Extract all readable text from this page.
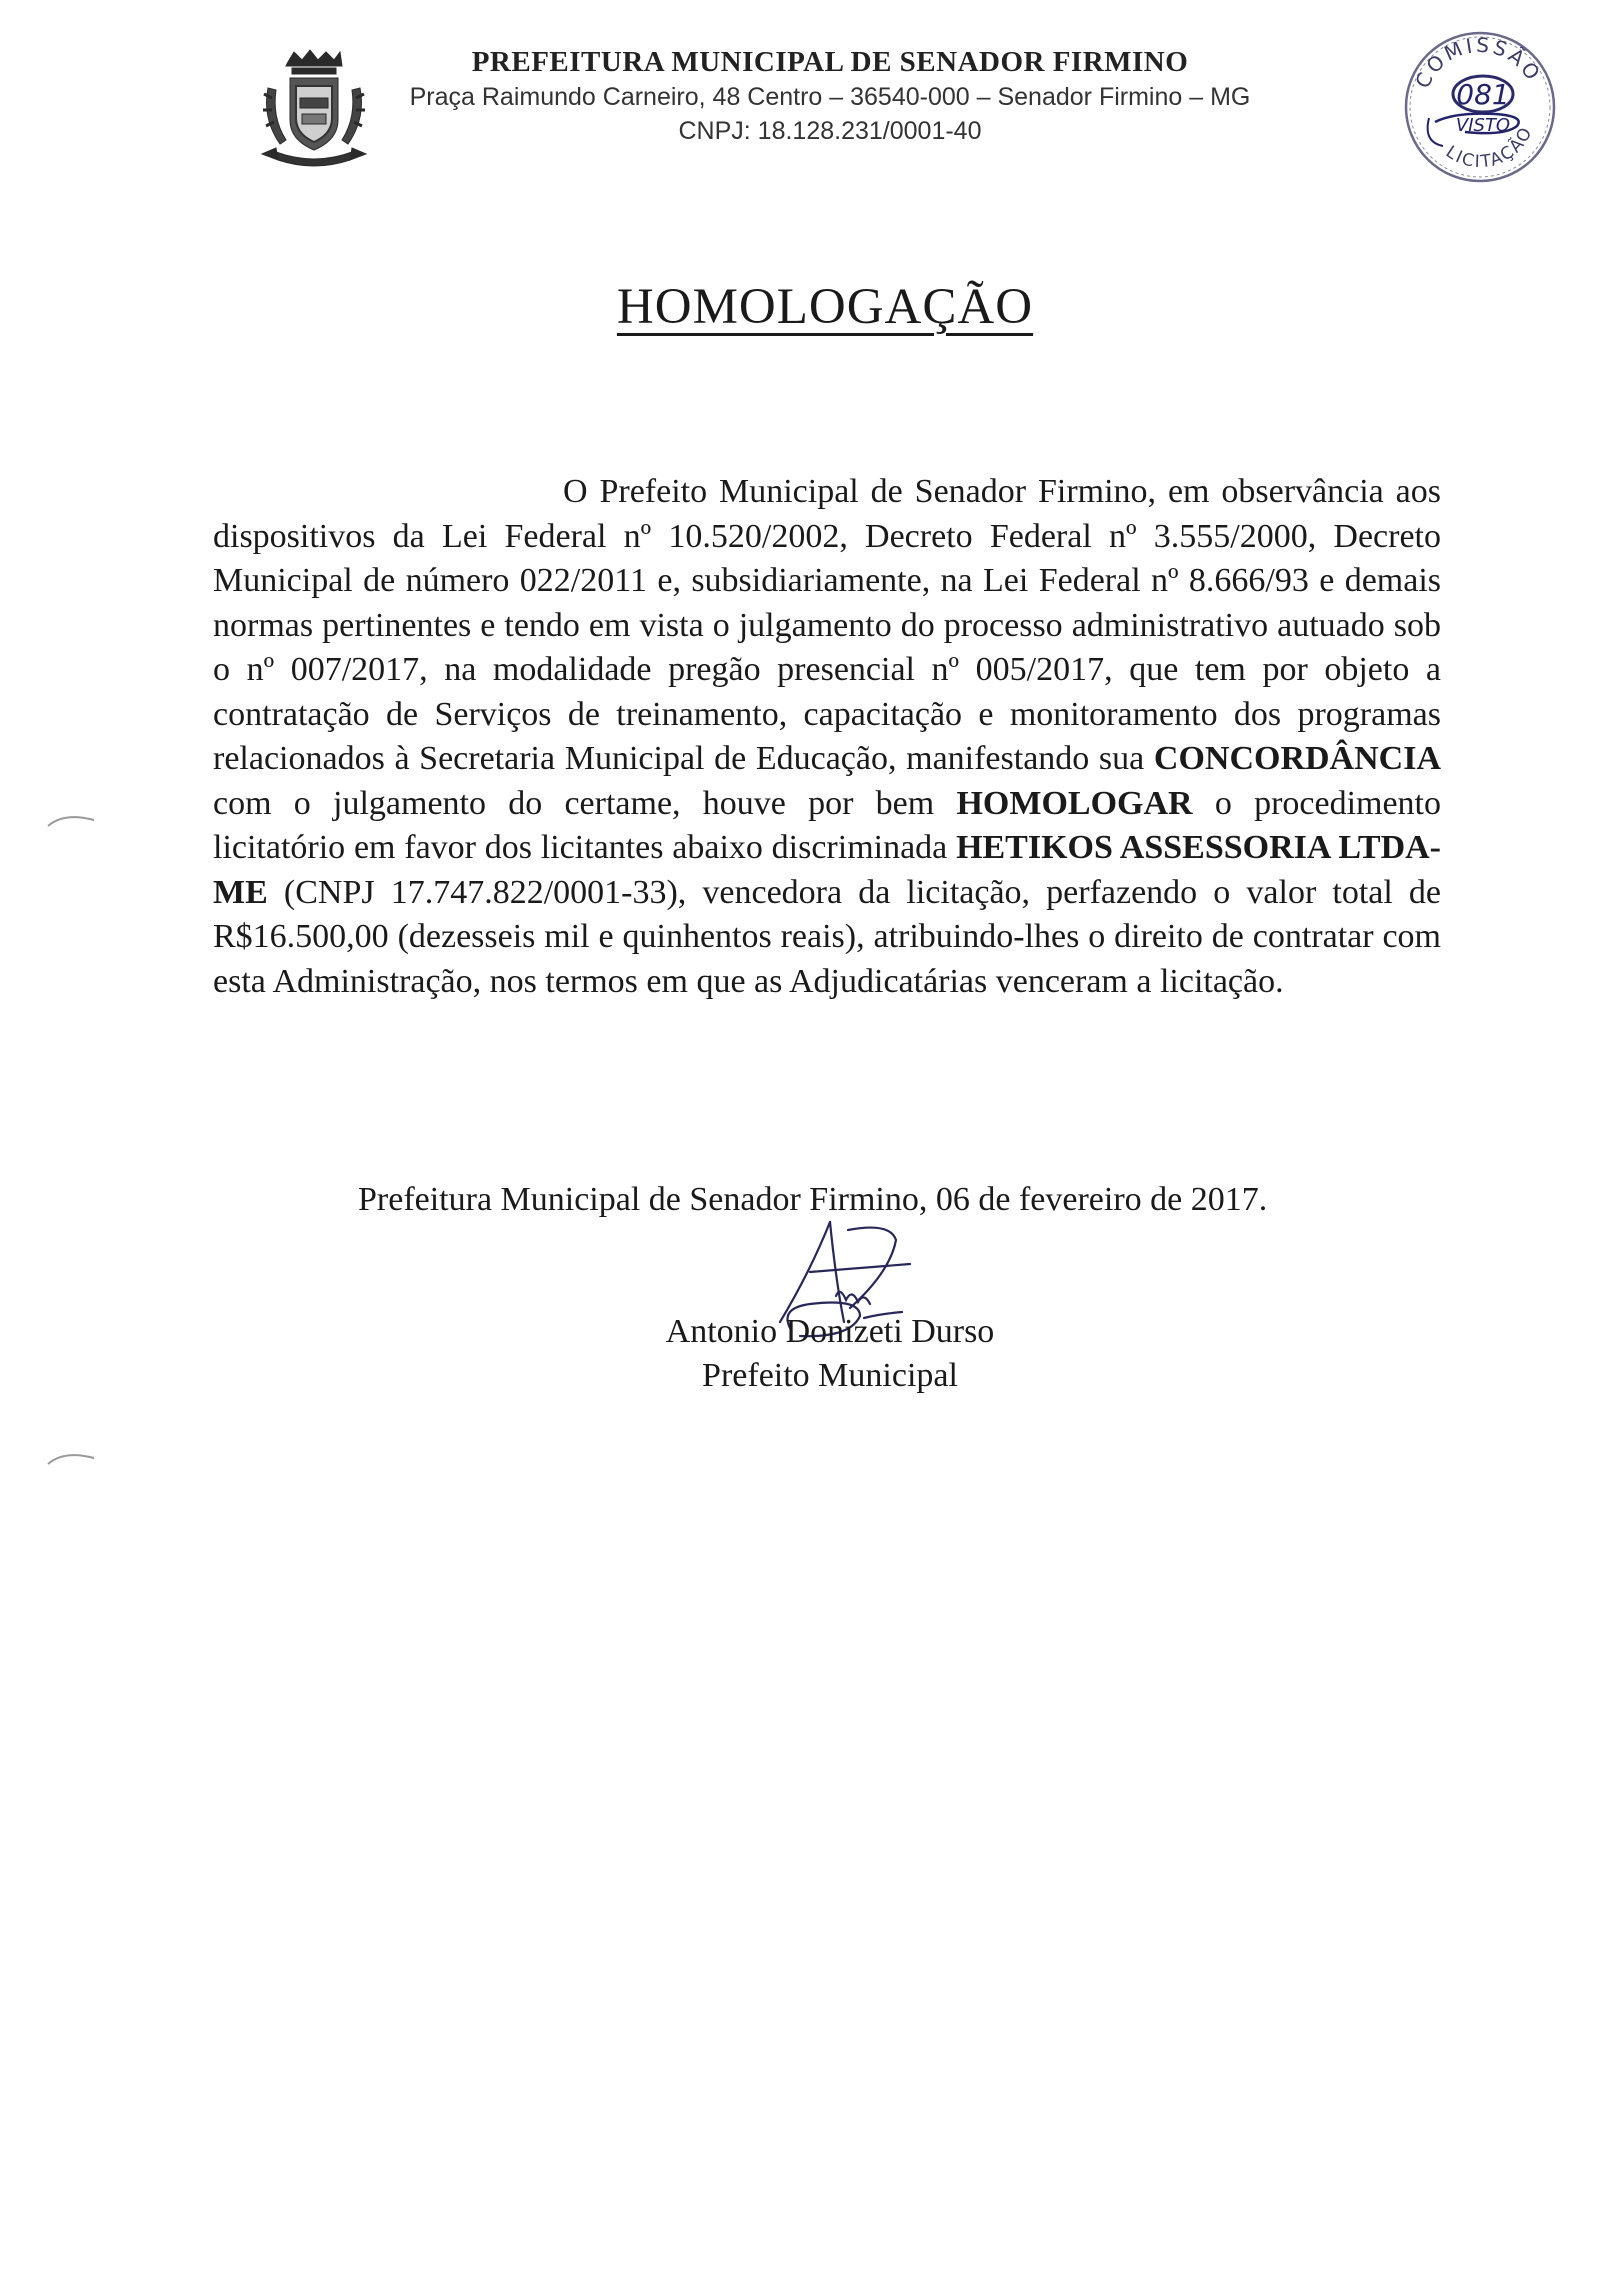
PREFEITURA MUNICIPAL DE SENADOR FIRMINO
Praça Raimundo Carneiro, 48 Centro – 36540-000 – Senador Firmino – MG
CNPJ: 18.128.231/0001-40
COMISSÃO
LICITAÇÃO
081
VISTO
HOMOLOGAÇÃO
O Prefeito Municipal de Senador Firmino, em observância aos dispositivos da Lei Federal nº 10.520/2002, Decreto Federal nº 3.555/2000, Decreto Municipal de número 022/2011 e, subsidiariamente, na Lei Federal nº 8.666/93 e demais normas pertinentes e tendo em vista o julgamento do processo administrativo autuado sob o nº 007/2017, na modalidade pregão presencial nº 005/2017, que tem por objeto a contratação de Serviços de treinamento, capacitação e monitoramento dos programas relacionados à Secretaria Municipal de Educação, manifestando sua CONCORDÂNCIA com o julgamento do certame, houve por bem HOMOLOGAR o procedimento licitatório em favor dos licitantes abaixo discriminada HETIKOS ASSESSORIA LTDA-ME (CNPJ 17.747.822/0001-33), vencedora da licitação, perfazendo o valor total de R$16.500,00 (dezesseis mil e quinhentos reais), atribuindo-lhes o direito de contratar com esta Administração, nos termos em que as Adjudicatárias venceram a licitação.
Prefeitura Municipal de Senador Firmino, 06 de fevereiro de 2017.
Antonio Donizeti Durso
Prefeito Municipal
